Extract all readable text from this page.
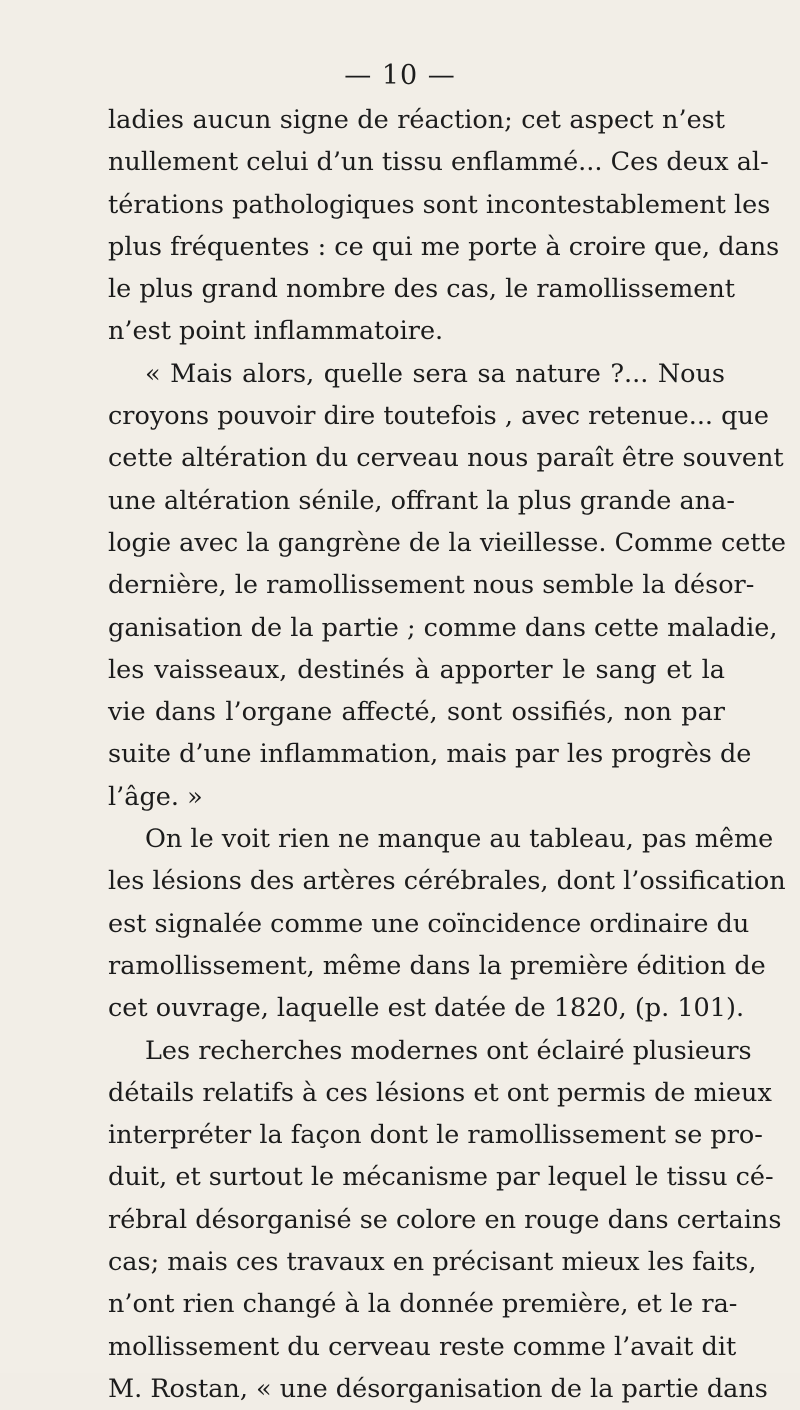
— 10 —
ladies aucun signe de réaction; cet aspect n’est
nullement celui d’un tissu enflammé... Ces deux al-
térations pathologiques sont incontestablement les
plus fréquentes : ce qui me porte à croire que, dans
le plus grand nombre des cas, le ramollissement
n’est point inflammatoire.
« Mais alors, quelle sera sa nature ?... Nous
croyons pouvoir dire toutefois , avec retenue... que
cette altération du cerveau nous paraît être souvent
une altération sénile, offrant la plus grande ana-
logie avec la gangrène de la vieillesse. Comme cette
dernière, le ramollissement nous semble la désor-
ganisation de la partie ; comme dans cette maladie,
les vaisseaux, destinés à apporter le sang et la
vie dans l’organe affecté, sont ossifiés, non par
suite d’une inflammation, mais par les progrès de
l’âge. »
On le voit rien ne manque au tableau, pas même
les lésions des artères cérébrales, dont l’ossification
est signalée comme une coïncidence ordinaire du
ramollissement, même dans la première édition de
cet ouvrage, laquelle est datée de 1820, (p. 101).
Les recherches modernes ont éclairé plusieurs
détails relatifs à ces lésions et ont permis de mieux
interpréter la façon dont le ramollissement se pro-
duit, et surtout le mécanisme par lequel le tissu cé-
rébral désorganisé se colore en rouge dans certains
cas; mais ces travaux en précisant mieux les faits,
n’ont rien changé à la donnée première, et le ra-
mollissement du cerveau reste comme l’avait dit
M. Rostan, « une désorganisation de la partie dans
